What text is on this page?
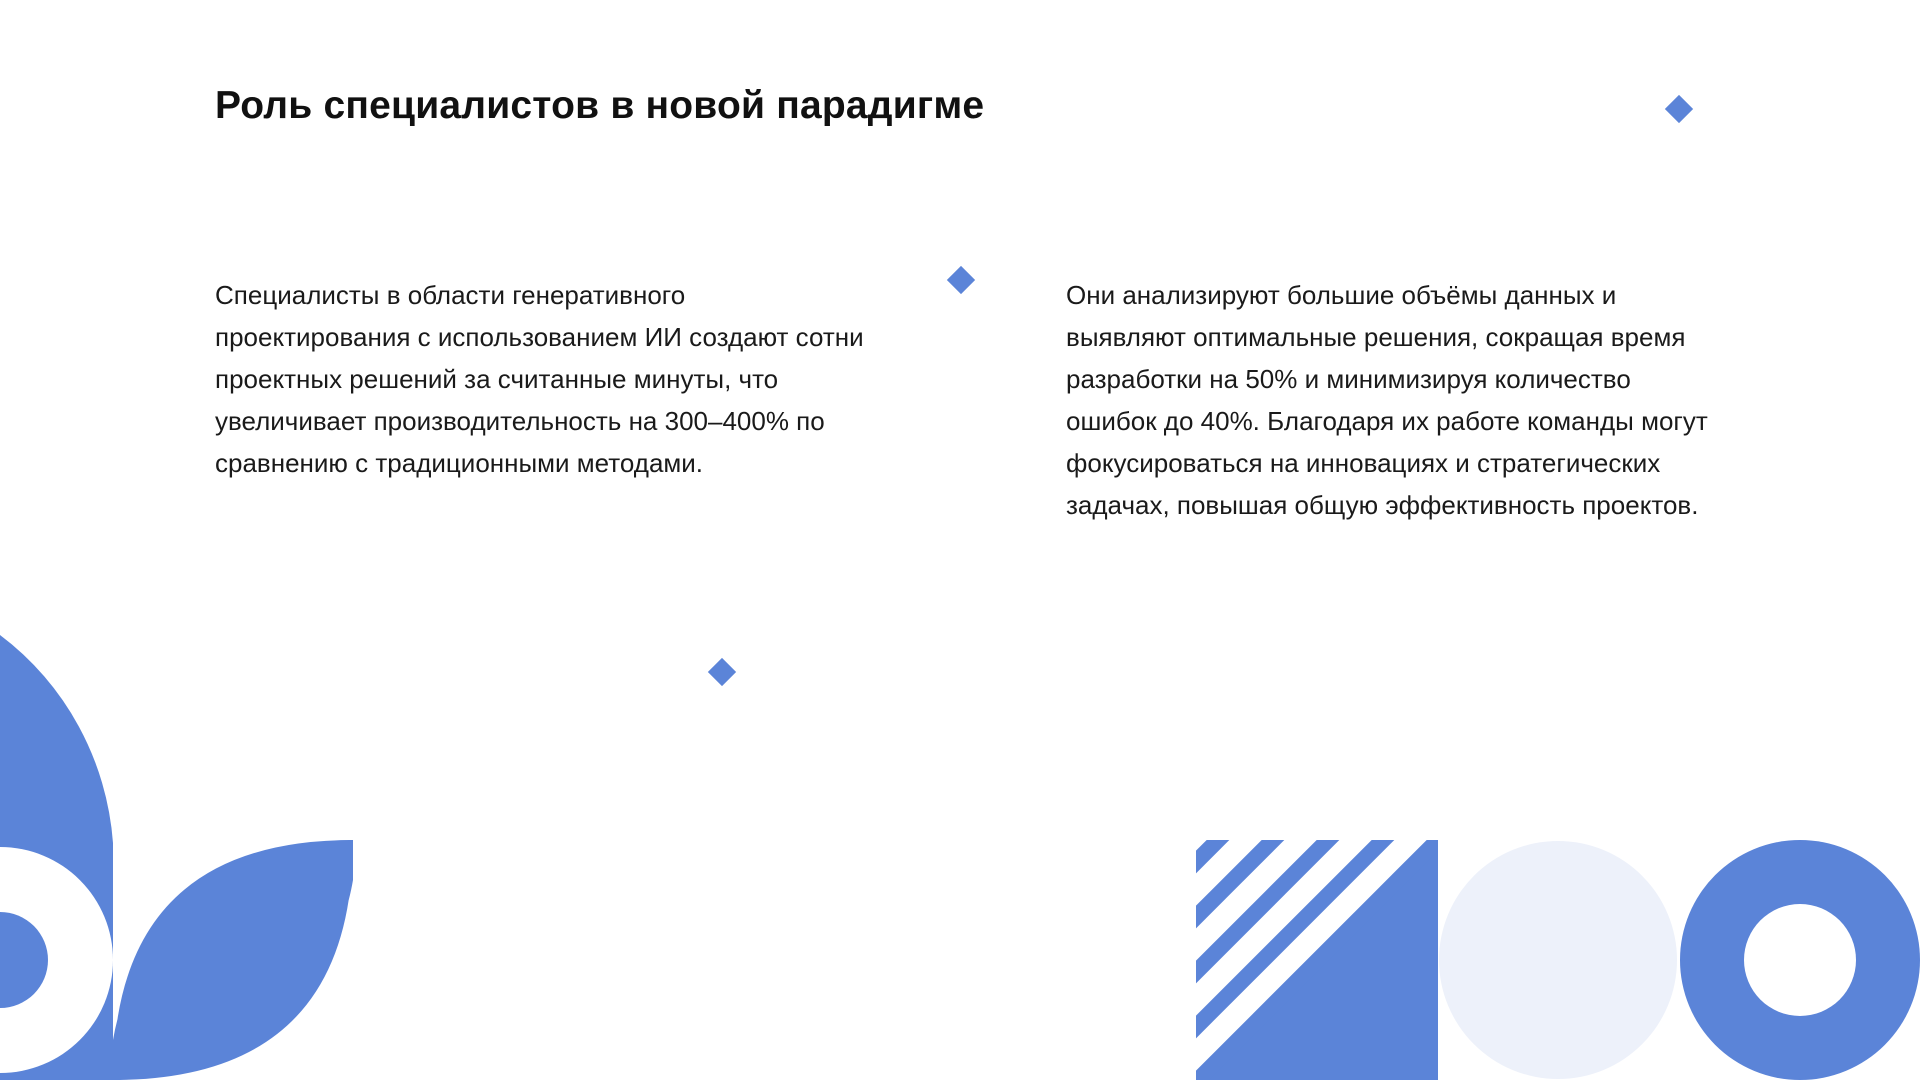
Роль специалистов в новой парадигме

Специалисты в области генеративного проектирования с использованием ИИ создают сотни проектных решений за считанные минуты, что увеличивает производительность на 300–400% по сравнению с традиционными методами.

Они анализируют большие объёмы данных и выявляют оптимальные решения, сокращая время разработки на 50% и минимизируя количество ошибок до 40%. Благодаря их работе команды могут фокусироваться на инновациях и стратегических задачах, повышая общую эффективность проектов.
